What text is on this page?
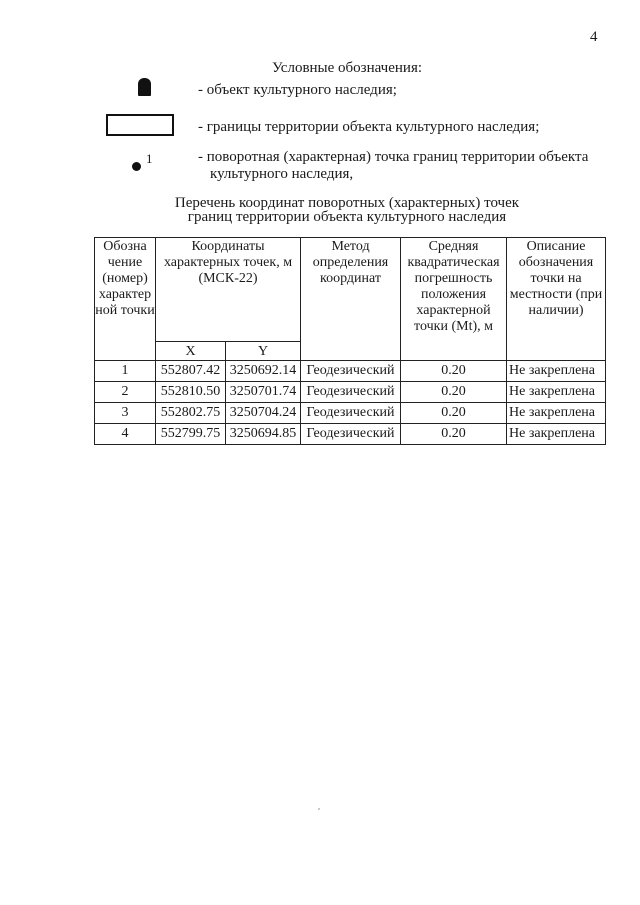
4
Условные обозначения:
- объект культурного наследия;
- границы территории объекта культурного наследия;
1	- поворотная (характерная) точка границ территории объекта
культурного наследия,
Перечень координат поворотных (характерных) точек
границ территории объекта культурного наследия
Обозна чение (номер) характер ной точки	Координаты характерных точек, м (МСК-22)		Метод определения координат	Средняя квадратическая погрешность положения характерной точки (Mt), м	Описание обозначения точки на местности (при наличии)
	X	Y			
1	552807.42	3250692.14	Геодезический	0.20	Не закреплена
2	552810.50	3250701.74	Геодезический	0.20	Не закреплена
3	552802.75	3250704.24	Геодезический	0.20	Не закреплена
4	552799.75	3250694.85	Геодезический	0.20	Не закреплена
